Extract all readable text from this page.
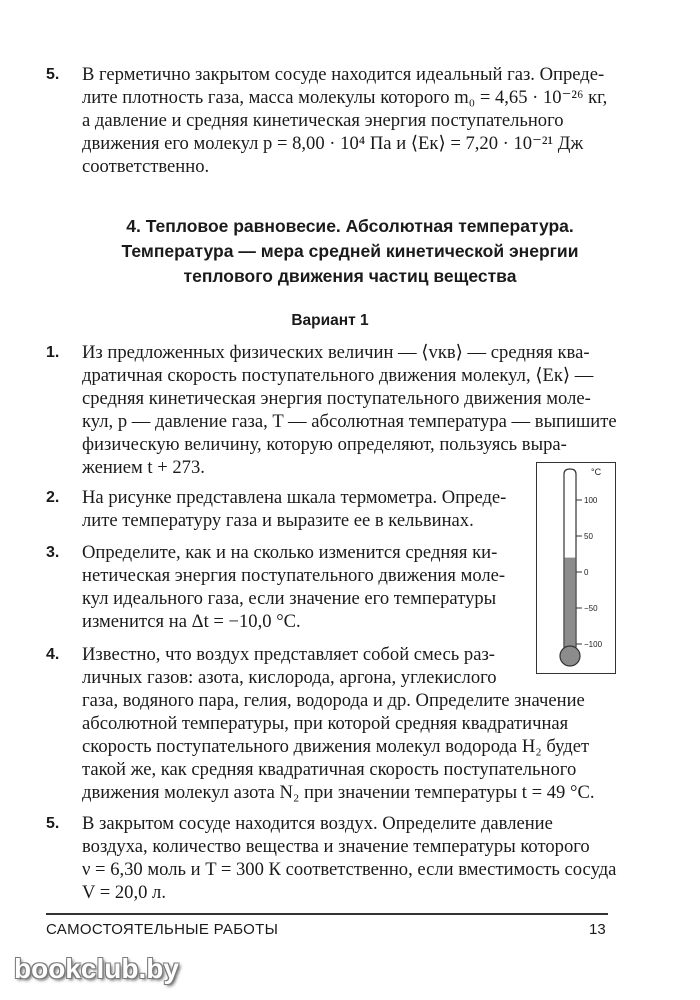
5. В герметично закрытом сосуде находится идеальный газ. Опреде-
лите плотность газа, масса молекулы которого m₀ = 4,65 · 10⁻²⁶ кг,
а давление и средняя кинетическая энергия поступательного
движения его молекул p = 8,00 · 10⁴ Па и ⟨Eк⟩ = 7,20 · 10⁻²¹ Дж
соответственно.
4. Тепловое равновесие. Абсолютная температура.
Температура — мера средней кинетической энергии
теплового движения частиц вещества
Вариант 1
1. Из предложенных физических величин — ⟨vкв⟩ — средняя ква-
дратичная скорость поступательного движения молекул, ⟨Eк⟩ —
средняя кинетическая энергия поступательного движения моле-
кул, p — давление газа, T — абсолютная температура — выпишите
физическую величину, которую определяют, пользуясь выра-
жением t + 273.
2. На рисунке представлена шкала термометра. Опреде-
лите температуру газа и выразите ее в кельвинах.
3. Определите, как и на сколько изменится средняя ки-
нетическая энергия поступательного движения моле-
кул идеального газа, если значение его температуры
изменится на Δt = −10,0 °С.
4. Известно, что воздух представляет собой смесь раз-
личных газов: азота, кислорода, аргона, углекислого
газа, водяного пара, гелия, водорода и др. Определите значение
абсолютной температуры, при которой средняя квадратичная
скорость поступательного движения молекул водорода H₂ будет
такой же, как средняя квадратичная скорость поступательного
движения молекул азота N₂ при значении температуры t = 49 °С.
5. В закрытом сосуде находится воздух. Определите давление
воздуха, количество вещества и значение температуры которого
ν = 6,30 моль и T = 300 К соответственно, если вместимость сосуда
V = 20,0 л.
°С
100
50
0
−50
−100
САМОСТОЯТЕЛЬНЫЕ РАБОТЫ	13
bookclub.by
